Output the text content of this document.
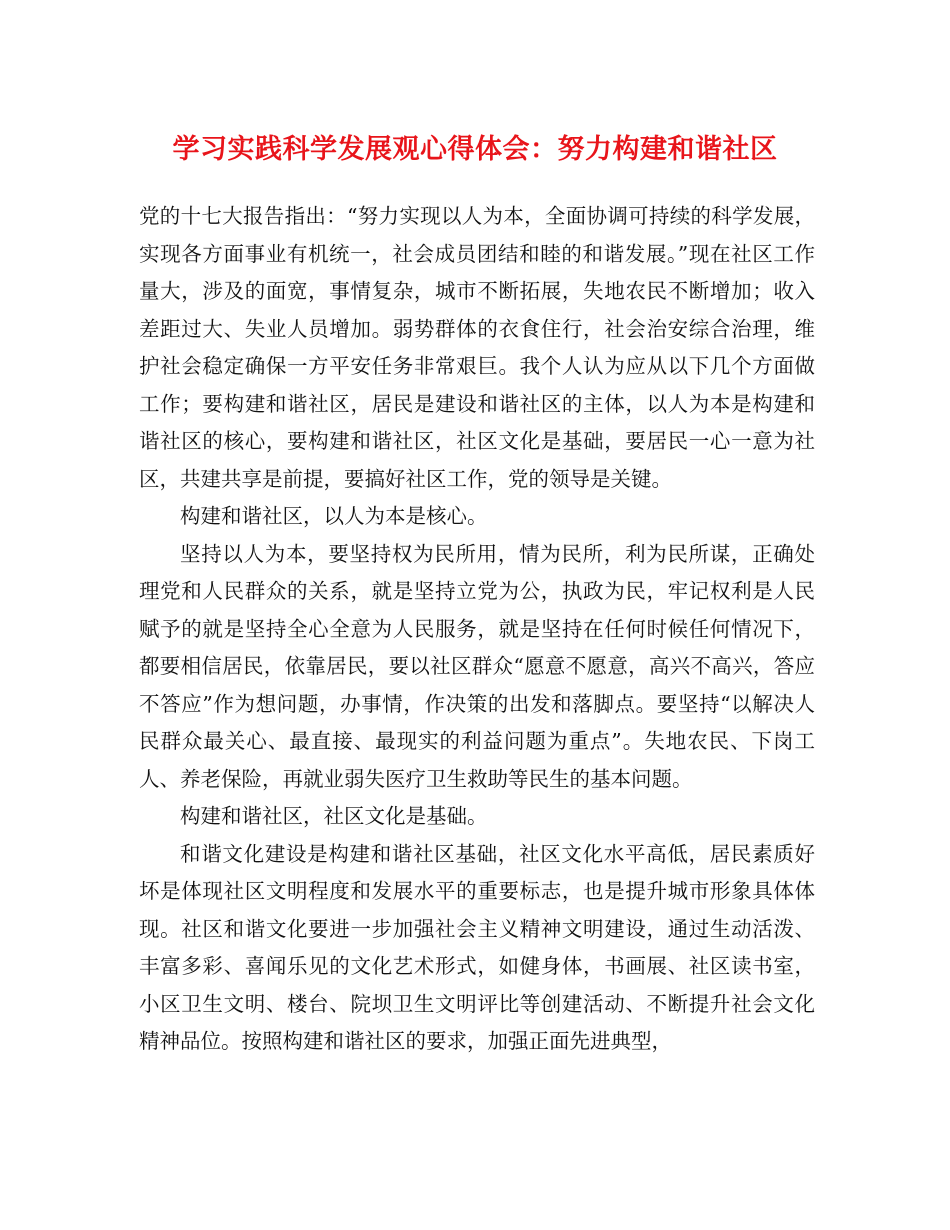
学习实践科学发展观心得体会：努力构建和谐社区

党的十七大报告指出：“努力实现以人为本，全面协调可持续的科学发展，实现各方面事业有机统一，社会成员团结和睦的和谐发展。”现在社区工作量大，涉及的面宽，事情复杂，城市不断拓展，失地农民不断增加；收入差距过大、失业人员增加。弱势群体的衣食住行，社会治安综合治理，维护社会稳定确保一方平安任务非常艰巨。我个人认为应从以下几个方面做工作；要构建和谐社区，居民是建设和谐社区的主体，以人为本是构建和谐社区的核心，要构建和谐社区，社区文化是基础，要居民一心一意为社区，共建共享是前提，要搞好社区工作，党的领导是关键。

构建和谐社区，以人为本是核心。

坚持以人为本，要坚持权为民所用，情为民所，利为民所谋，正确处理党和人民群众的关系，就是坚持立党为公，执政为民，牢记权利是人民赋予的就是坚持全心全意为人民服务，就是坚持在任何时候任何情况下，都要相信居民，依靠居民，要以社区群众“愿意不愿意，高兴不高兴，答应不答应”作为想问题，办事情，作决策的出发和落脚点。要坚持“以解决人民群众最关心、最直接、最现实的利益问题为重点”。失地农民、下岗工人、养老保险，再就业弱失医疗卫生救助等民生的基本问题。

构建和谐社区，社区文化是基础。

和谐文化建设是构建和谐社区基础，社区文化水平高低，居民素质好坏是体现社区文明程度和发展水平的重要标志，也是提升城市形象具体体现。社区和谐文化要进一步加强社会主义精神文明建设，通过生动活泼、丰富多彩、喜闻乐见的文化艺术形式，如健身体，书画展、社区读书室，小区卫生文明、楼台、院坝卫生文明评比等创建活动、不断提升社会文化精神品位。按照构建和谐社区的要求，加强正面先进典型，
